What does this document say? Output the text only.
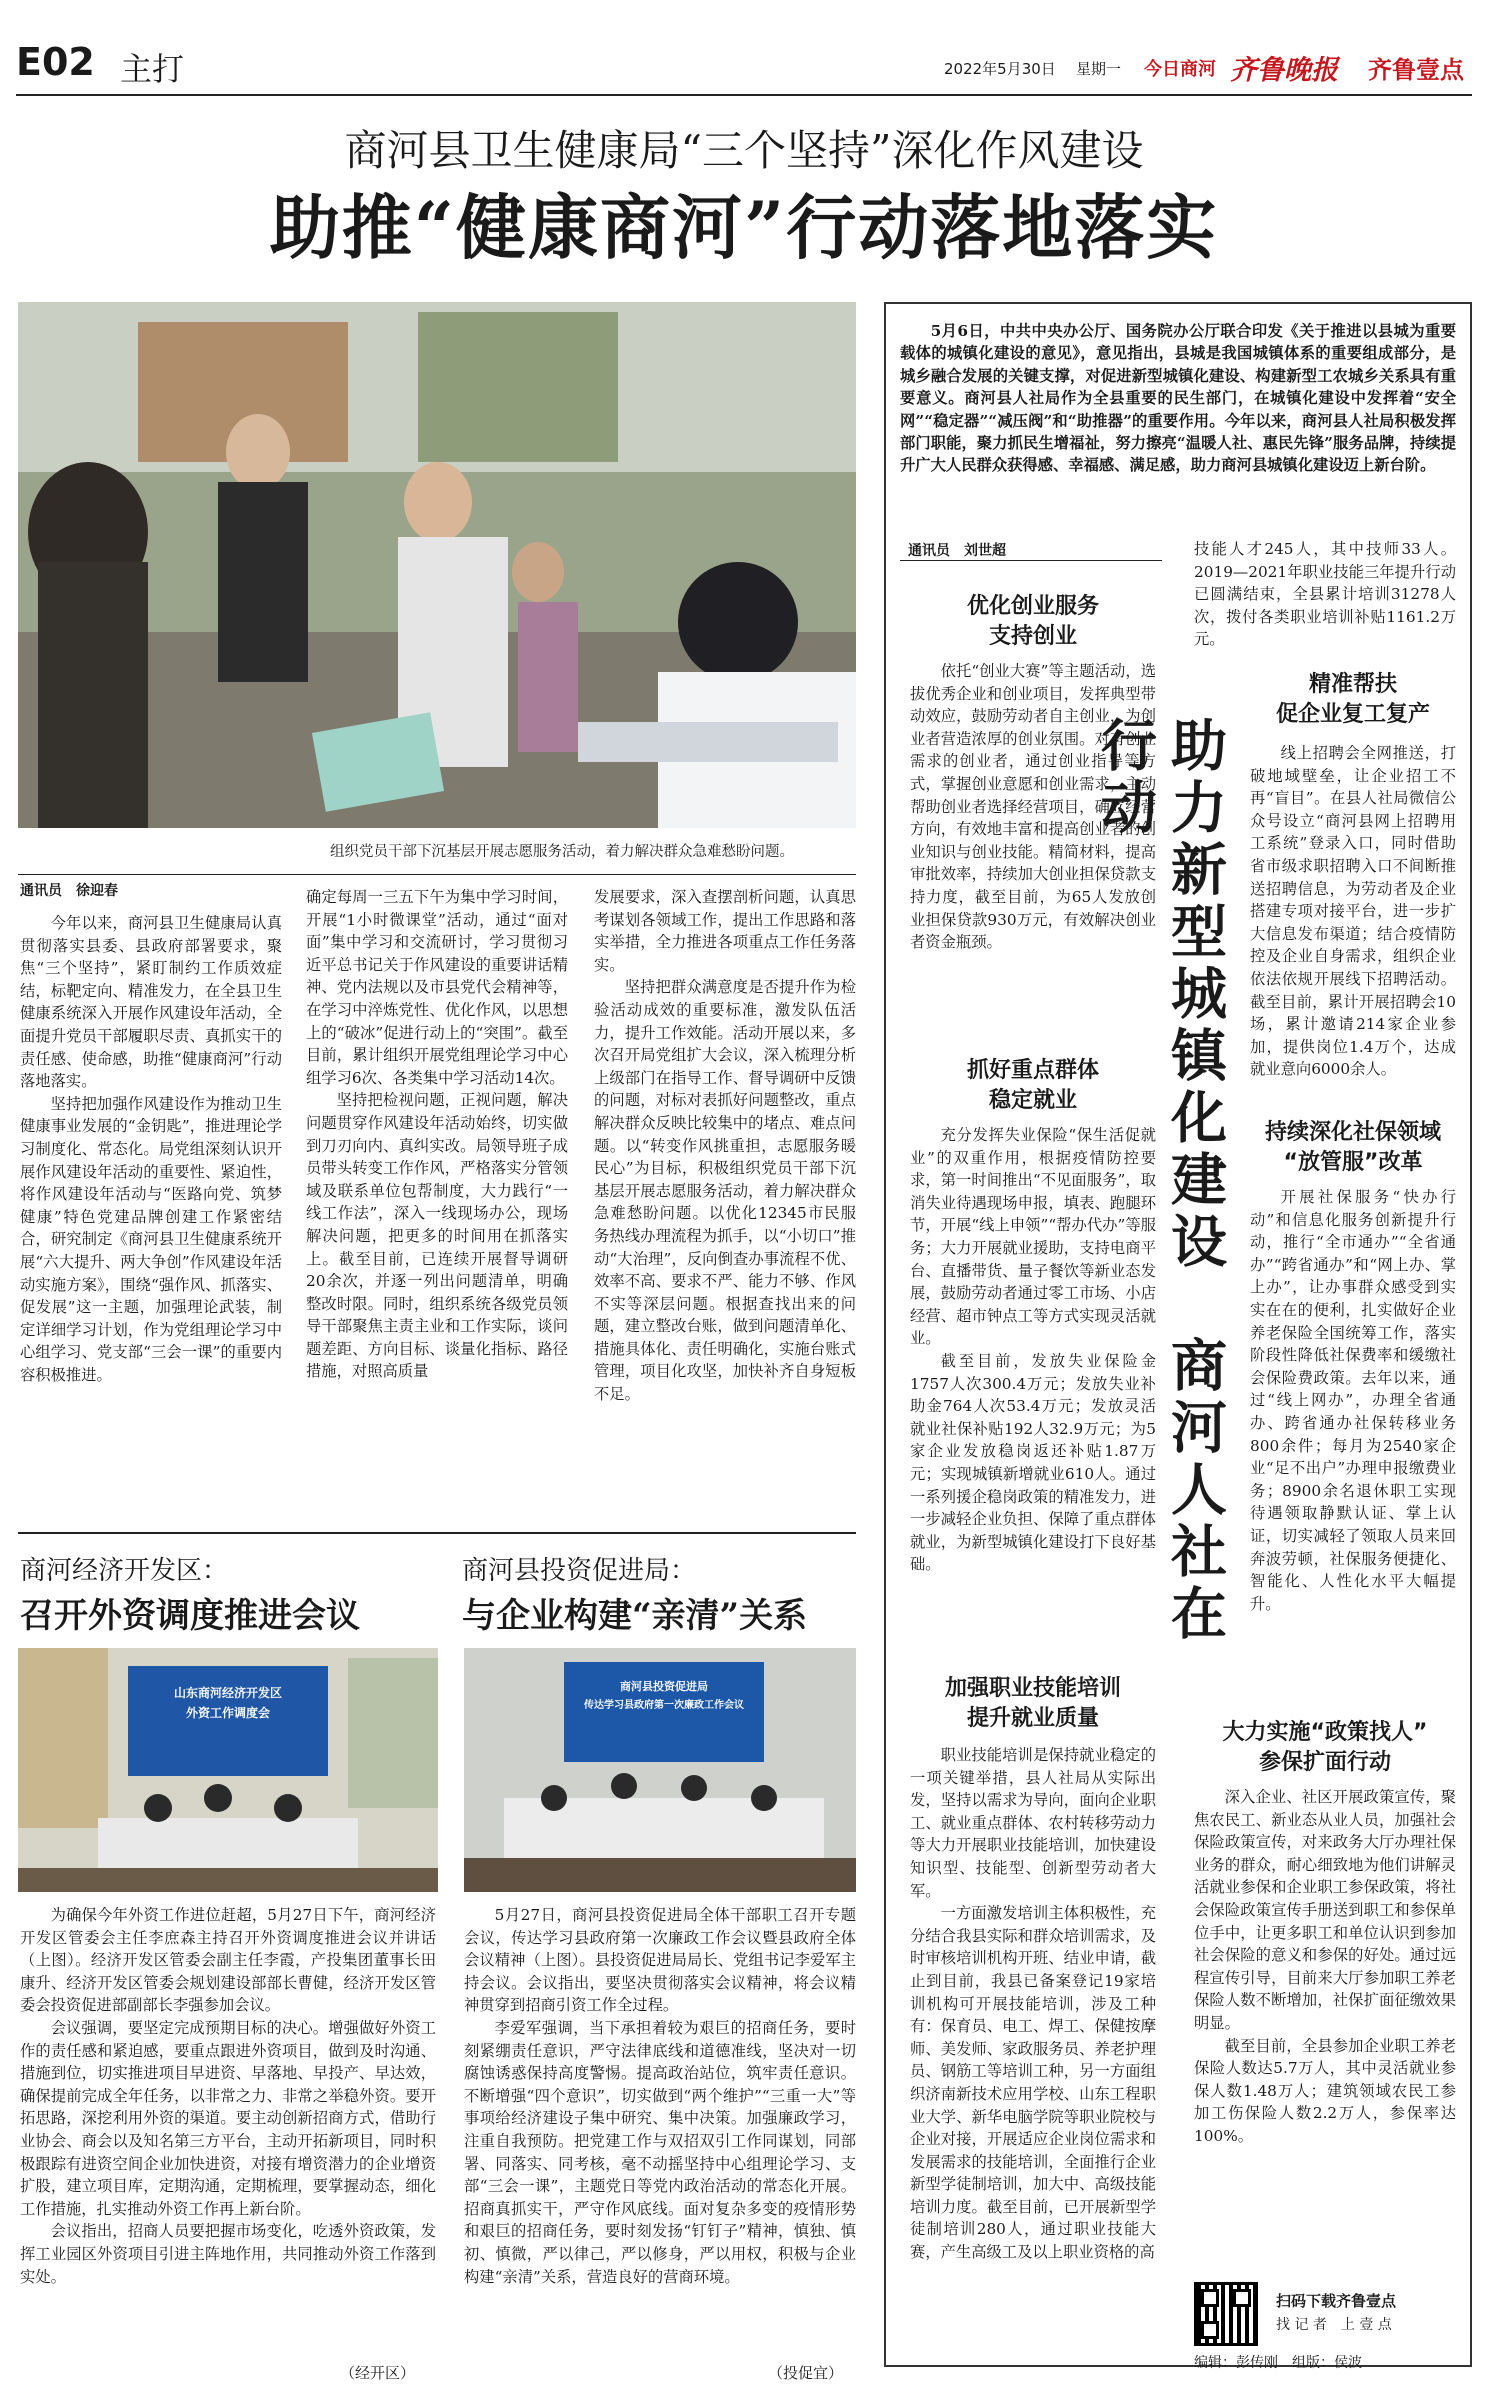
E02 主打	2022年5月30日 星期一 今日商河 齐鲁晚报 齐鲁壹点
商河县卫生健康局“三个坚持”深化作风建设
助推“健康商河”行动落地落实
组织党员干部下沉基层开展志愿服务活动，着力解决群众急难愁盼问题。
通讯员　徐迎春

今年以来，商河县卫生健康局认真贯彻落实县委、县政府部署要求，聚焦“三个坚持”，紧盯制约工作质效症结，标靶定向、精准发力，在全县卫生健康系统深入开展作风建设年活动，全面提升党员干部履职尽责、真抓实干的责任感、使命感，助推“健康商河”行动落地落实。

坚持把加强作风建设作为推动卫生健康事业发展的“金钥匙”，推进理论学习制度化、常态化。局党组深刻认识开展作风建设年活动的重要性、紧迫性，将作风建设年活动与“医路向党、筑梦健康”特色党建品牌创建工作紧密结合，研究制定《商河县卫生健康系统开展“六大提升、两大争创”作风建设年活动实施方案》，围绕“强作风、抓落实、促发展”这一主题，加强理论武装，制定详细学习计划，作为党组理论学习中心组学习、党支部“三会一课”的重要内容积极推进。

确定每周一三五下午为集中学习时间，开展“1小时微课堂”活动，通过“面对面”集中学习和交流研讨，学习贯彻习近平总书记关于作风建设的重要讲话精神、党内法规以及市县党代会精神等，在学习中淬炼党性、优化作风，以思想上的“破冰”促进行动上的“突围”。截至目前，累计组织开展党组理论学习中心组学习6次、各类集中学习活动14次。

坚持把检视问题，正视问题，解决问题贯穿作风建设年活动始终，切实做到刀刃向内、真纠实改。局领导班子成员带头转变工作作风，严格落实分管领域及联系单位包帮制度，大力践行“一线工作法”，深入一线现场办公，现场解决问题，把更多的时间用在抓落实上。截至目前，已连续开展督导调研20余次，并逐一列出问题清单，明确整改时限。同时，组织系统各级党员领导干部聚焦主责主业和工作实际，谈问题差距、方向目标、谈量化指标、路径措施，对照高质量

发展要求，深入查摆剖析问题，认真思考谋划各领域工作，提出工作思路和落实举措，全力推进各项重点工作任务落实。

坚持把群众满意度是否提升作为检验活动成效的重要标准，激发队伍活力，提升工作效能。活动开展以来，多次召开局党组扩大会议，深入梳理分析上级部门在指导工作、督导调研中反馈的问题，对标对表抓好问题整改，重点解决群众反映比较集中的堵点、难点问题。以“转变作风挑重担，志愿服务暖民心”为目标，积极组织党员干部下沉基层开展志愿服务活动，着力解决群众急难愁盼问题。以优化12345市民服务热线办理流程为抓手，以“小切口”推动“大治理”，反向倒查办事流程不优、效率不高、要求不严、能力不够、作风不实等深层问题。根据查找出来的问题，建立整改台账，做到问题清单化、措施具体化、责任明确化，实施台账式管理，项目化攻坚，加快补齐自身短板不足。

商河经济开发区：
召开外资调度推进会议
山东商河经济开发区
外资工作调度会

为确保今年外资工作进位赶超，5月27日下午，商河经济开发区管委会主任李庶森主持召开外资调度推进会议并讲话（上图）。经济开发区管委会副主任李霞，产投集团董事长田康升、经济开发区管委会规划建设部部长曹健，经济开发区管委会投资促进部副部长李强参加会议。

会议强调，要坚定完成预期目标的决心。增强做好外资工作的责任感和紧迫感，要重点跟进外资项目，做到及时沟通、措施到位，切实推进项目早进资、早落地、早投产、早达效，确保提前完成全年任务，以非常之力、非常之举稳外资。要开拓思路，深挖利用外资的渠道。要主动创新招商方式，借助行业协会、商会以及知名第三方平台，主动开拓新项目，同时积极跟踪有进资空间企业加快进资，对接有增资潜力的企业增资扩股，建立项目库，定期沟通，定期梳理，要掌握动态，细化工作措施，扎实推动外资工作再上新台阶。

会议指出，招商人员要把握市场变化，吃透外资政策，发挥工业园区外资项目引进主阵地作用，共同推动外资工作落到实处。

（经开区）
商河县投资促进局：
与企业构建“亲清”关系
商河县投资促进局
传达学习县政府第一次廉政工作会议

5月27日，商河县投资促进局全体干部职工召开专题会议，传达学习县政府第一次廉政工作会议暨县政府全体会议精神（上图）。县投资促进局局长、党组书记李爱军主持会议。会议指出，要坚决贯彻落实会议精神，将会议精神贯穿到招商引资工作全过程。

李爱军强调，当下承担着较为艰巨的招商任务，要时刻紧绷责任意识，严守法律底线和道德准线，坚决对一切腐蚀诱惑保持高度警惕。提高政治站位，筑牢责任意识。不断增强“四个意识”，切实做到“两个维护”“三重一大”等事项给经济建设子集中研究、集中决策。加强廉政学习，注重自我预防。把党建工作与双招双引工作同谋划，同部署、同落实、同考核，毫不动摇坚持中心组理论学习、支部“三会一课”，主题党日等党内政治活动的常态化开展。招商真抓实干，严守作风底线。面对复杂多变的疫情形势和艰巨的招商任务，要时刻发扬“钉钉子”精神，慎独、慎初、慎微，严以律己，严以修身，严以用权，积极与企业构建“亲清”关系，营造良好的营商环境。

（投促宜）

5月6日，中共中央办公厅、国务院办公厅联合印发《关于推进以县城为重要载体的城镇化建设的意见》，意见指出，县城是我国城镇体系的重要组成部分，是城乡融合发展的关键支撑，对促进新型城镇化建设、构建新型工农城乡关系具有重要意义。商河县人社局作为全县重要的民生部门，在城镇化建设中发挥着“安全网”“稳定器”“减压阀”和“助推器”的重要作用。今年以来，商河县人社局积极发挥部门职能，聚力抓民生增福祉，努力擦亮“温暖人社、惠民先锋”服务品牌，持续提升广大人民群众获得感、幸福感、满足感，助力商河县城镇化建设迈上新台阶。

通讯员　刘世超
助力新型城镇化建设　商河人社在行动
优化创业服务
支持创业

依托“创业大赛”等主题活动，选拔优秀企业和创业项目，发挥典型带动效应，鼓励劳动者自主创业，为创业者营造浓厚的创业氛围。对有创业需求的创业者，通过创业指导等方式，掌握创业意愿和创业需求，主动帮助创业者选择经营项目，确立经营方向，有效地丰富和提高创业者的创业知识与创业技能。精简材料，提高审批效率，持续加大创业担保贷款支持力度，截至目前，为65人发放创业担保贷款930万元，有效解决创业者资金瓶颈。

抓好重点群体
稳定就业

充分发挥失业保险“保生活促就业”的双重作用，根据疫情防控要求，第一时间推出“不见面服务”，取消失业待遇现场申报，填表、跑腿环节，开展“线上申领”“帮办代办”等服务；大力开展就业援助，支持电商平台、直播带货、量子餐饮等新业态发展，鼓励劳动者通过零工市场、小店经营、超市钟点工等方式实现灵活就业。

截至目前，发放失业保险金1757人次300.4万元；发放失业补助金764人次53.4万元；发放灵活就业社保补贴192人32.9万元；为5家企业发放稳岗返还补贴1.87万元；实现城镇新增就业610人。通过一系列援企稳岗政策的精准发力，进一步减轻企业负担、保障了重点群体就业，为新型城镇化建设打下良好基础。

加强职业技能培训
提升就业质量

职业技能培训是保持就业稳定的一项关键举措，县人社局从实际出发，坚持以需求为导向，面向企业职工、就业重点群体、农村转移劳动力等大力开展职业技能培训，加快建设知识型、技能型、创新型劳动者大军。

一方面激发培训主体积极性，充分结合我县实际和群众培训需求，及时审核培训机构开班、结业申请，截止到目前，我县已备案登记19家培训机构可开展技能培训，涉及工种有：保育员、电工、焊工、保健按摩师、美发师、家政服务员、养老护理员、钢筋工等培训工种，另一方面组织济南新技术应用学校、山东工程职业大学、新华电脑学院等职业院校与企业对接，开展适应企业岗位需求和发展需求的技能培训，全面推行企业新型学徒制培训，加大中、高级技能培训力度。截至目前，已开展新型学徒制培训280人，通过职业技能大赛，产生高级工及以上职业资格的高

技能人才245人，其中技师33人。2019—2021年职业技能三年提升行动已圆满结束，全县累计培训31278人次，拨付各类职业培训补贴1161.2万元。

精准帮扶
促企业复工复产

线上招聘会全网推送，打破地域壁垒，让企业招工不再“盲目”。在县人社局微信公众号设立“商河县网上招聘用工系统”登录入口，同时借助省市级求职招聘入口不间断推送招聘信息，为劳动者及企业搭建专项对接平台，进一步扩大信息发布渠道；结合疫情防控及企业自身需求，组织企业依法依规开展线下招聘活动。截至目前，累计开展招聘会10场，累计邀请214家企业参加，提供岗位1.4万个，达成就业意向6000余人。

持续深化社保领域
“放管服”改革

开展社保服务“快办行动”和信息化服务创新提升行动，推行“全市通办”“全省通办”“跨省通办”和“网上办、掌上办”，让办事群众感受到实实在在的便利，扎实做好企业养老保险全国统筹工作，落实阶段性降低社保费率和缓缴社会保险费政策。去年以来，通过“线上网办”，办理全省通办、跨省通办社保转移业务800余件；每月为2540家企业“足不出户”办理申报缴费业务；8900余名退休职工实现待遇领取静默认证、掌上认证，切实减轻了领取人员来回奔波劳顿，社保服务便捷化、智能化、人性化水平大幅提升。

大力实施“政策找人”
参保扩面行动

深入企业、社区开展政策宣传，聚焦农民工、新业态从业人员，加强社会保险政策宣传，对来政务大厅办理社保业务的群众，耐心细致地为他们讲解灵活就业参保和企业职工参保政策，将社会保险政策宣传手册送到职工和参保单位手中，让更多职工和单位认识到参加社会保险的意义和参保的好处。通过远程宣传引导，目前来大厅参加职工养老保险人数不断增加，社保扩面征缴效果明显。

截至目前，全县参加企业职工养老保险人数达5.7万人，其中灵活就业参保人数1.48万人；建筑领域农民工参加工伤保险人数2.2万人，参保率达100%。

扫码下载齐鲁壹点
找 记 者　上 壹 点
编辑：彭传刚　组版：侯波
